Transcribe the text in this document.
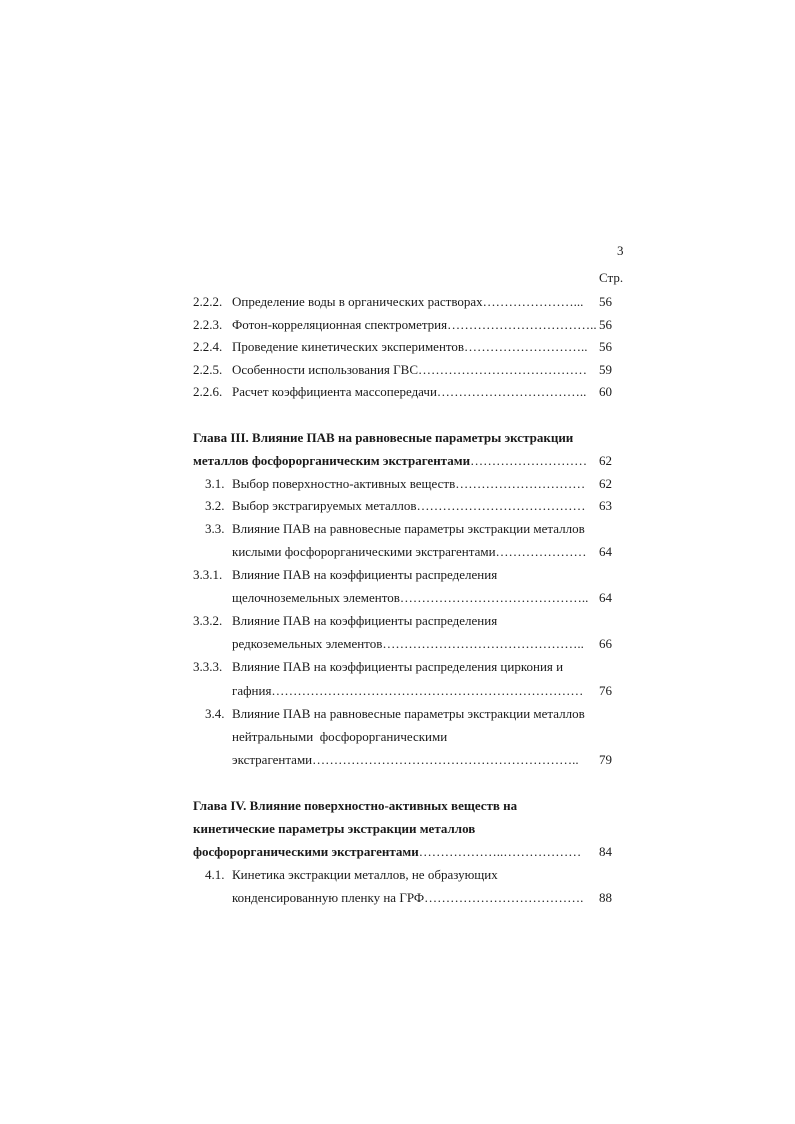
3
Стр.
2.2.2. Определение воды в органических растворах…………………... 56
2.2.3. Фотон-корреляционная спектрометрия…………………………….. 56
2.2.4. Проведение кинетических экспериментов……………………….. 56
2.2.5. Особенности использования ГВС………………………………… 59
2.2.6. Расчет коэффициента массопередачи…………………………….. 60
Глава III. Влияние ПАВ на равновесные параметры экстракции
металлов фосфорорганическим экстрагентами……………………… 62
3.1. Выбор поверхностно-активных веществ………………………… 62
3.2. Выбор экстрагируемых металлов………………………………… 63
3.3. Влияние ПАВ на равновесные параметры экстракции металлов
кислыми фосфорорганическими экстрагентами………………… 64
3.3.1. Влияние ПАВ на коэффициенты распределения
щелочноземельных элементов…………………………………….. 64
3.3.2. Влияние ПАВ на коэффициенты распределения
редкоземельных элементов……………………………………….. 66
3.3.3. Влияние ПАВ на коэффициенты распределения циркония и
гафния……………………………………………………………… 76
3.4. Влияние ПАВ на равновесные параметры экстракции металлов
нейтральными  фосфорорганическими
экстрагентами…………………………………………………….. 79
Глава IV. Влияние поверхностно-активных веществ на
кинетические параметры экстракции металлов
фосфорорганическими экстрагентами………………..……………… 84
4.1. Кинетика экстракции металлов, не образующих
конденсированную пленку на ГРФ………………………………. 88
